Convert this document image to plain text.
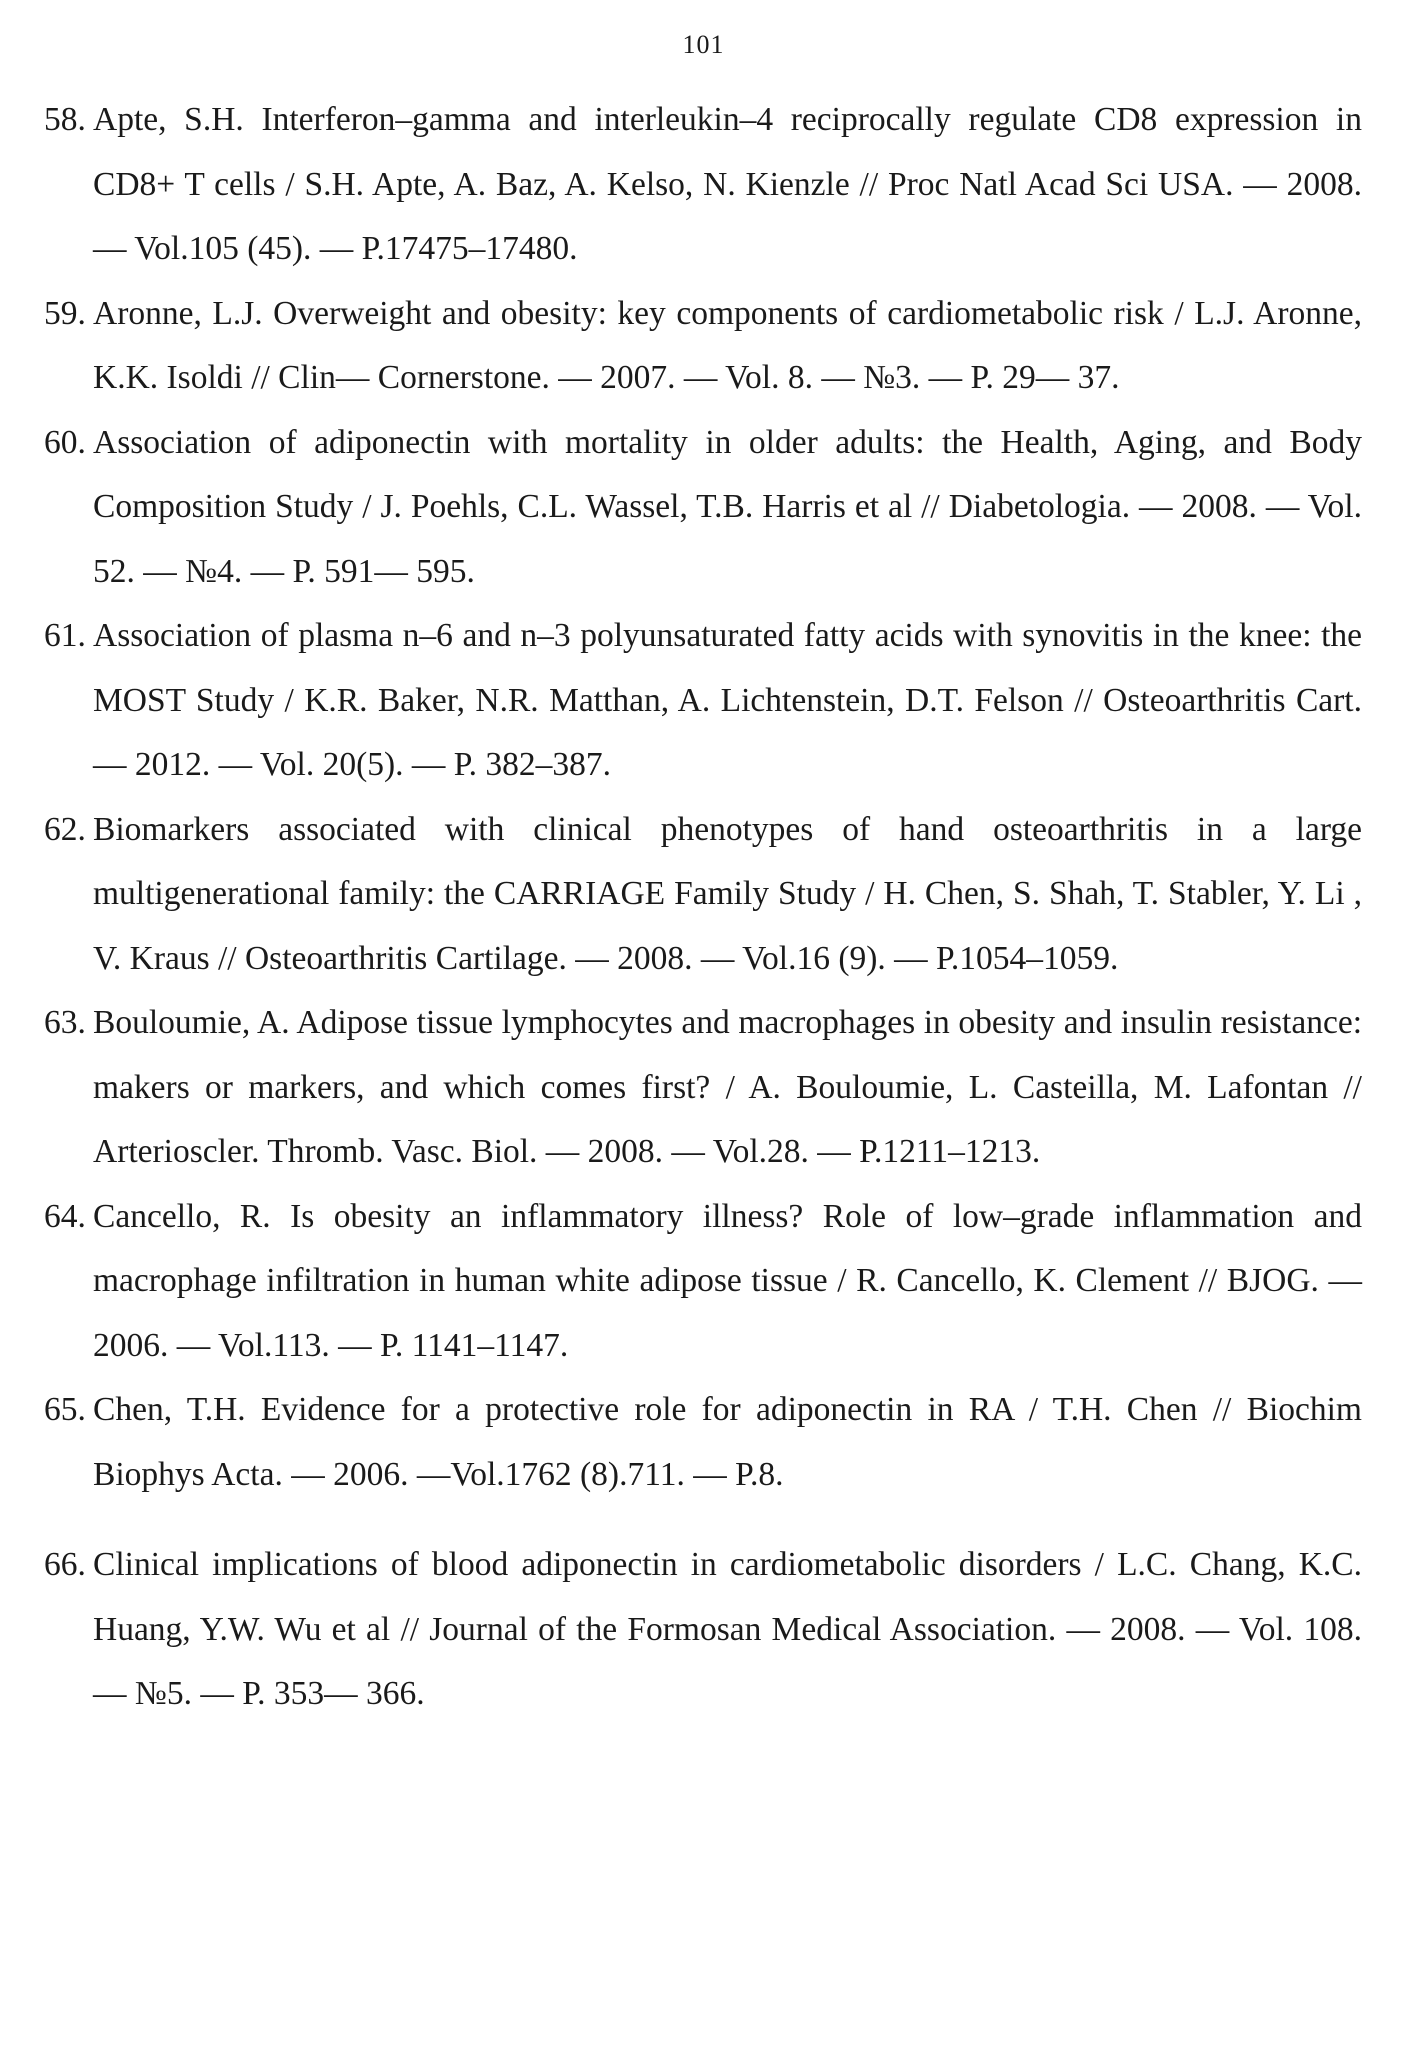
101
58. Apte, S.H. Interferon–gamma and interleukin–4 reciprocally regulate CD8 expression in CD8+ T cells / S.H. Apte, A. Baz, A. Kelso, N. Kienzle // Proc Natl Acad Sci USA. — 2008. — Vol.105 (45). — P.17475–17480.
59. Aronne, L.J. Overweight and obesity: key components of cardiometabolic risk / L.J. Aronne, K.K. Isoldi // Clin— Cornerstone. — 2007. — Vol. 8. — №3. — P. 29— 37.
60. Association of adiponectin with mortality in older adults: the Health, Aging, and Body Composition Study / J. Poehls, C.L. Wassel, T.B. Harris et al // Diabetologia. — 2008. — Vol. 52. — №4. — P. 591— 595.
61. Association of plasma n–6 and n–3 polyunsaturated fatty acids with synovitis in the knee: the MOST Study / K.R. Baker, N.R. Matthan, A. Lichtenstein, D.T. Felson // Osteoarthritis Cart. — 2012. — Vol. 20(5). — P. 382–387.
62. Biomarkers associated with clinical phenotypes of hand osteoarthritis in a large multigenerational family: the CARRIAGE Family Study / H. Chen, S. Shah, T. Stabler, Y. Li , V. Kraus // Osteoarthritis Cartilage. — 2008. — Vol.16 (9). — P.1054–1059.
63. Bouloumie, A. Adipose tissue lymphocytes and macrophages in obesity and insulin resistance: makers or markers, and which comes first? / A. Bouloumie, L. Casteilla, M. Lafontan // Arterioscler. Thromb. Vasc. Biol. — 2008. — Vol.28. — P.1211–1213.
64. Cancello, R. Is obesity an inflammatory illness? Role of low–grade inflammation and macrophage infiltration in human white adipose tissue / R. Cancello, K. Clement // BJOG. — 2006. — Vol.113. — P. 1141–1147.
65. Chen, T.H. Evidence for a protective role for adiponectin in RA / T.H. Chen // Biochim Biophys Acta. — 2006. —Vol.1762 (8).711. — P.8.
66. Clinical implications of blood adiponectin in cardiometabolic disorders / L.C. Chang, K.C. Huang, Y.W. Wu et al // Journal of the Formosan Medical Association. — 2008. — Vol. 108. — №5. — P. 353— 366.
